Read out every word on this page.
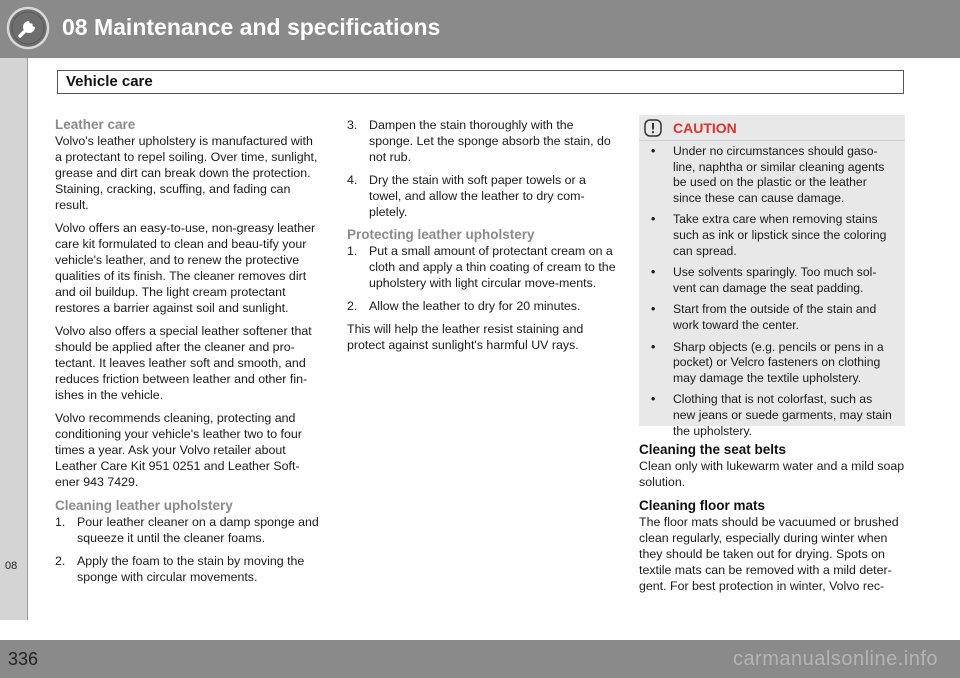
08 Maintenance and specifications
Vehicle care
08
Leather care

Volvo's leather upholstery is manufactured with a protectant to repel soiling. Over time, sunlight, grease and dirt can break down the protection. Staining, cracking, scuffing, and fading can result.

Volvo offers an easy-to-use, non-greasy leather care kit formulated to clean and beau-tify your vehicle's leather, and to renew the protective qualities of its finish. The cleaner removes dirt and oil buildup. The light cream protectant restores a barrier against soil and sunlight.

Volvo also offers a special leather softener that should be applied after the cleaner and pro-tectant. It leaves leather soft and smooth, and reduces friction between leather and other fin-ishes in the vehicle.

Volvo recommends cleaning, protecting and conditioning your vehicle's leather two to four times a year. Ask your Volvo retailer about Leather Care Kit 951 0251 and Leather Soft-ener 943 7429.

Cleaning leather upholstery
1. Pour leather cleaner on a damp sponge and squeeze it until the cleaner foams.
2. Apply the foam to the stain by moving the sponge with circular movements.
3. Dampen the stain thoroughly with the sponge. Let the sponge absorb the stain, do not rub.
4. Dry the stain with soft paper towels or a towel, and allow the leather to dry com-pletely.
Protecting leather upholstery
1. Put a small amount of protectant cream on a cloth and apply a thin coating of cream to the upholstery with light circular move-ments.
2. Allow the leather to dry for 20 minutes.

This will help the leather resist staining and protect against sunlight's harmful UV rays.

CAUTION
• Under no circumstances should gaso-line, naphtha or similar cleaning agents be used on the plastic or the leather since these can cause damage.
• Take extra care when removing stains such as ink or lipstick since the coloring can spread.
• Use solvents sparingly. Too much sol-vent can damage the seat padding.
• Start from the outside of the stain and work toward the center.
• Sharp objects (e.g. pencils or pens in a pocket) or Velcro fasteners on clothing may damage the textile upholstery.
• Clothing that is not colorfast, such as new jeans or suede garments, may stain the upholstery.
Cleaning the seat belts

Clean only with lukewarm water and a mild soap solution.

Cleaning floor mats

The floor mats should be vacuumed or brushed clean regularly, especially during winter when they should be taken out for drying. Spots on textile mats can be removed with a mild deter-gent. For best protection in winter, Volvo rec-

336	carmanualsonline.info
